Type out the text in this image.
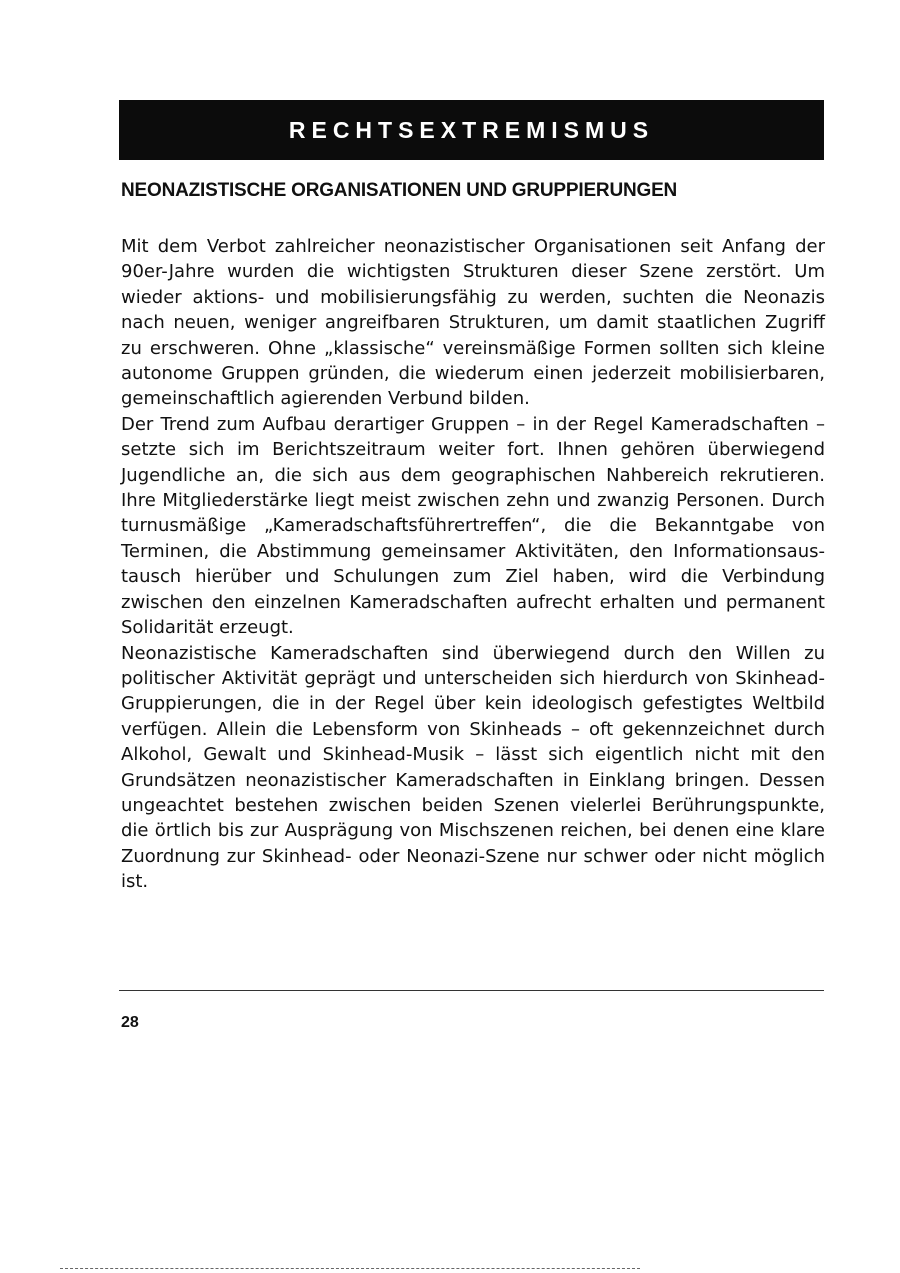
RECHTSEXTREMISMUS
NEONAZISTISCHE ORGANISATIONEN UND GRUPPIERUNGEN

Mit dem Verbot zahlreicher neonazistischer Organisationen seit Anfang der 90er-Jahre wurden die wichtigsten Strukturen dieser Szene zerstört. Um wieder aktions- und mobilisierungsfähig zu werden, suchten die Neonazis nach neuen, weniger angreifbaren Strukturen, um damit staatlichen Zugriff zu erschweren. Ohne „klassische“ vereinsmäßige Formen sollten sich kleine autonome Gruppen gründen, die wiederum einen jederzeit mobilisierbaren, gemeinschaftlich agierenden Verbund bilden.

Der Trend zum Aufbau derartiger Gruppen – in der Regel Kameradschaften – setzte sich im Berichtszeitraum weiter fort. Ihnen gehören überwiegend Jugendliche an, die sich aus dem geographischen Nahbereich rekrutieren. Ihre Mitgliederstärke liegt meist zwischen zehn und zwanzig Personen. Durch turnusmäßige „Kameradschaftsführertreffen“, die die Bekanntgabe von Terminen, die Abstimmung gemeinsamer Aktivitäten, den Informationsaustausch hierüber und Schulungen zum Ziel haben, wird die Verbindung zwischen den einzelnen Kameradschaften aufrecht erhalten und permanent Solidarität erzeugt.

Neonazistische Kameradschaften sind überwiegend durch den Willen zu politischer Aktivität geprägt und unterscheiden sich hierdurch von Skinhead-Gruppierungen, die in der Regel über kein ideologisch gefestigtes Weltbild verfügen. Allein die Lebensform von Skinheads – oft gekennzeichnet durch Alkohol, Gewalt und Skinhead-Musik – lässt sich eigentlich nicht mit den Grundsätzen neonazistischer Kameradschaften in Einklang bringen. Dessen ungeachtet bestehen zwischen beiden Szenen vielerlei Berührungspunkte, die örtlich bis zur Ausprägung von Mischszenen reichen, bei denen eine klare Zuordnung zur Skinhead- oder Neonazi-Szene nur schwer oder nicht möglich ist.

28
